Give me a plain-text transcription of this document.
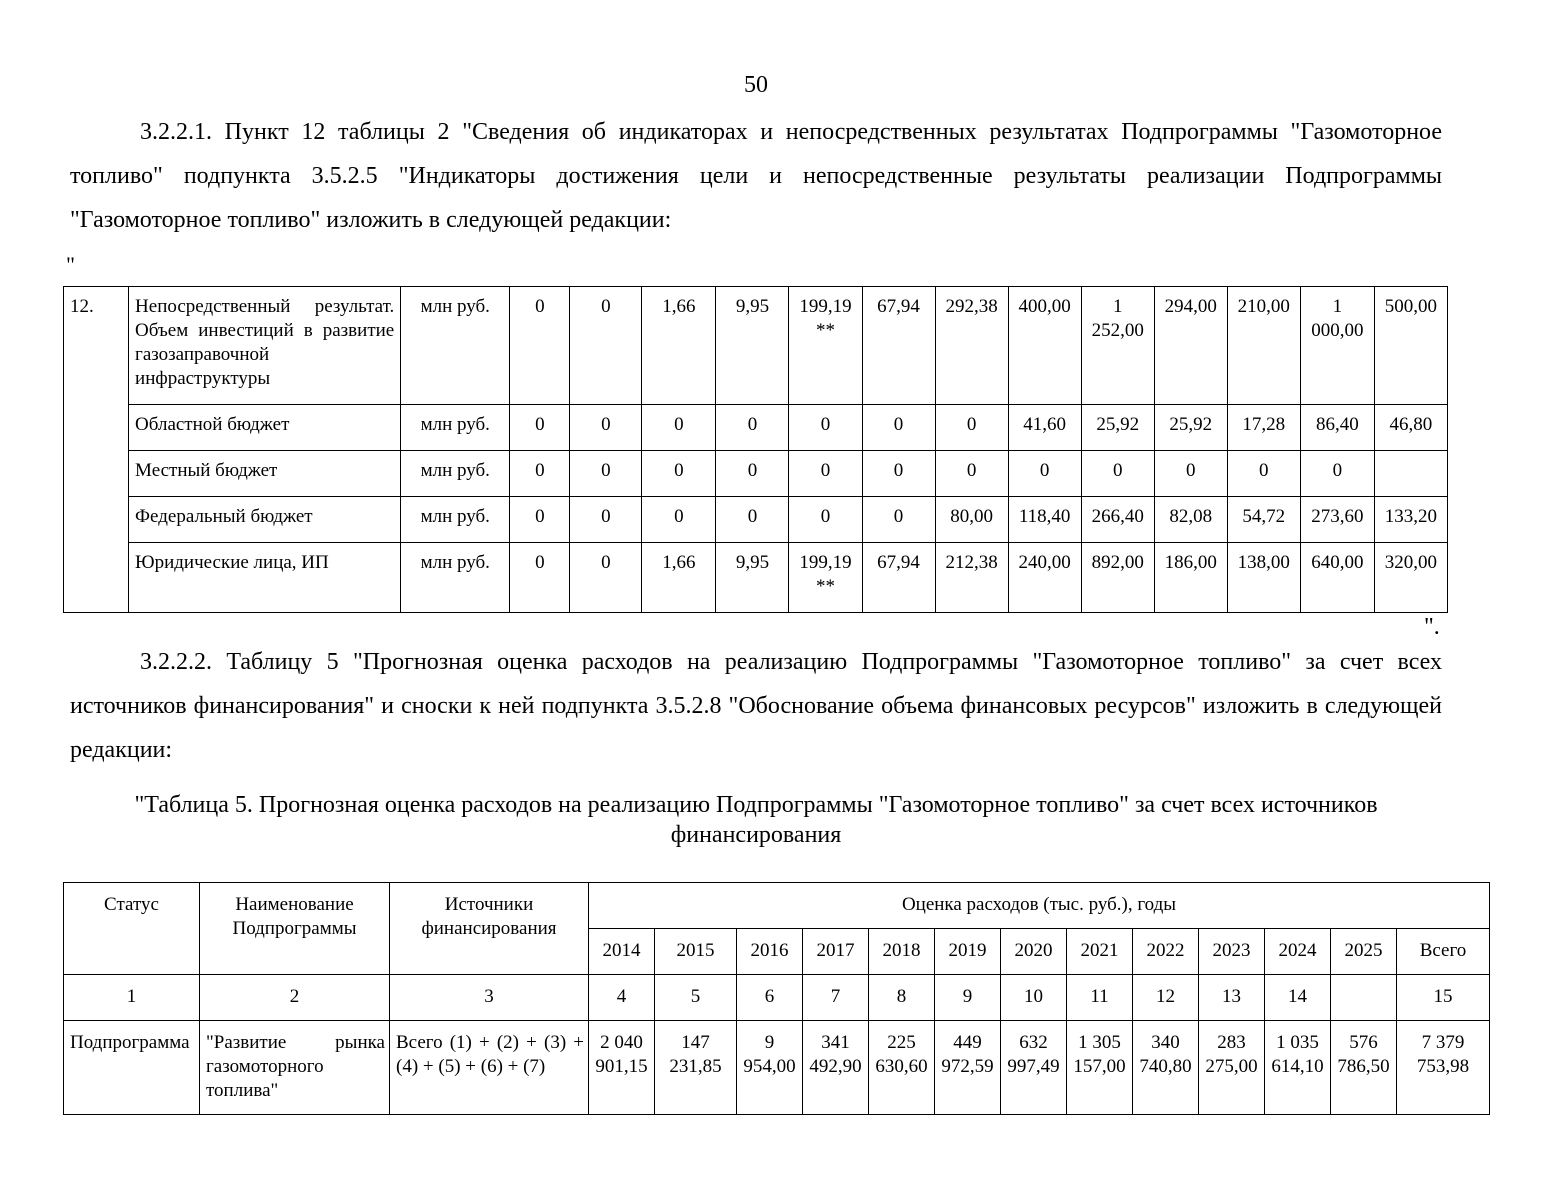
50
3.2.2.1. Пункт 12 таблицы 2 "Сведения об индикаторах и непосредственных результатах Подпрограммы "Газомоторное топливо" подпункта 3.5.2.5 "Индикаторы достижения цели и непосредственные результаты реализации Подпрограммы "Газомоторное топливо" изложить в следующей редакции:
"
12.	Непосредственный результат. Объем инвестиций в развитие газозаправочной инфраструктуры	млн руб.	0	0	1,66	9,95	199,19 **	67,94	292,38	400,00	1 252,00	294,00	210,00	1 000,00	500,00
	Областной бюджет	млн руб.	0	0	0	0	0	0	0	41,60	25,92	25,92	17,28	86,40	46,80
	Местный бюджет	млн руб.	0	0	0	0	0	0	0	0	0	0	0	0	
	Федеральный бюджет	млн руб.	0	0	0	0	0	0	80,00	118,40	266,40	82,08	54,72	273,60	133,20
	Юридические лица, ИП	млн руб.	0	0	1,66	9,95	199,19 **	67,94	212,38	240,00	892,00	186,00	138,00	640,00	320,00
".
3.2.2.2. Таблицу 5 "Прогнозная оценка расходов на реализацию Подпрограммы "Газомоторное топливо" за счет всех источников финансирования" и сноски к ней подпункта 3.5.2.8 "Обоснование объема финансовых ресурсов" изложить в следующей редакции:
"Таблица 5. Прогнозная оценка расходов на реализацию Подпрограммы "Газомоторное топливо" за счет всех источников финансирования
Статус	Наименование Подпрограммы	Источники финансирования	Оценка расходов (тыс. руб.), годы												
			2014	2015	2016	2017	2018	2019	2020	2021	2022	2023	2024	2025	Всего
1	2	3	4	5	6	7	8	9	10	11	12	13	14		15
Подпрограмма	"Развитие рынка газомоторного топлива"	Всего (1) + (2) + (3) + (4) + (5) + (6) + (7)	2 040 901,15	147 231,85	9 954,00	341 492,90	225 630,60	449 972,59	632 997,49	1 305 157,00	340 740,80	283 275,00	1 035 614,10	576 786,50	7 379 753,98
